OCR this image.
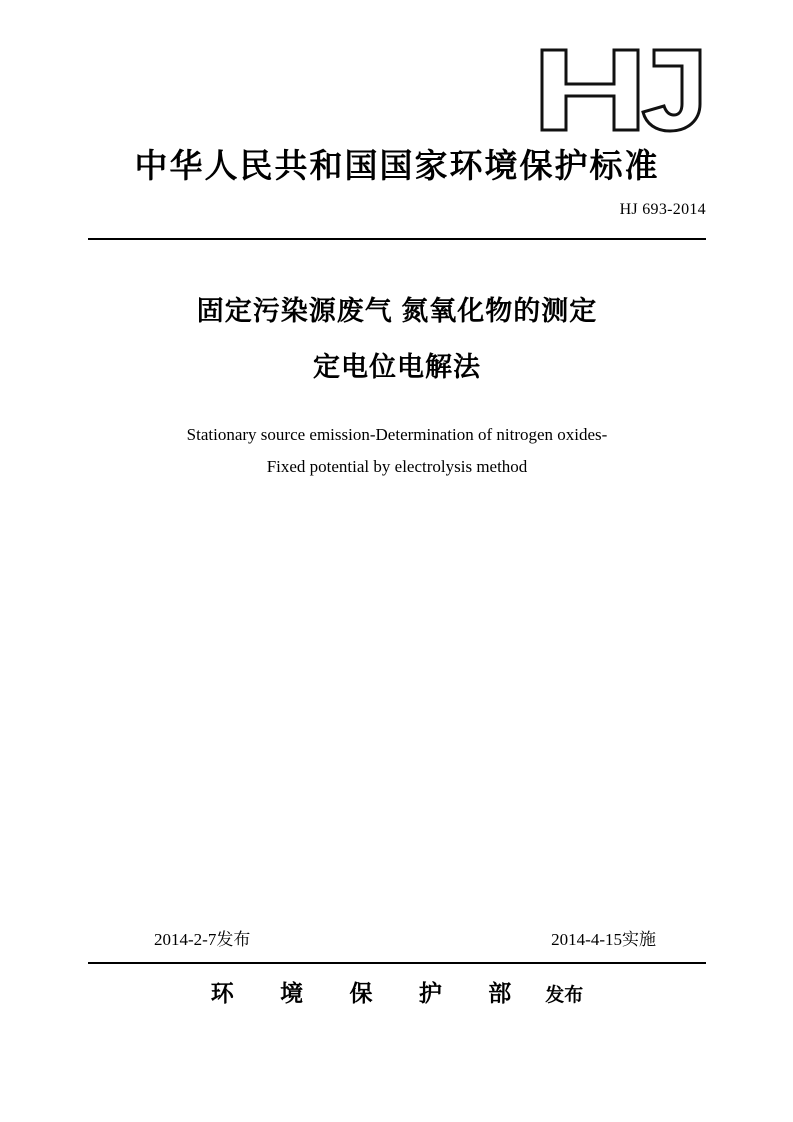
中华人民共和国国家环境保护标准
HJ 693-2014
固定污染源废气 氮氧化物的测定
定电位电解法
Stationary source emission-Determination of nitrogen oxides-
Fixed potential by electrolysis method
2014-2-7发布	2014-4-15实施
环 境 保 护 部 发布
